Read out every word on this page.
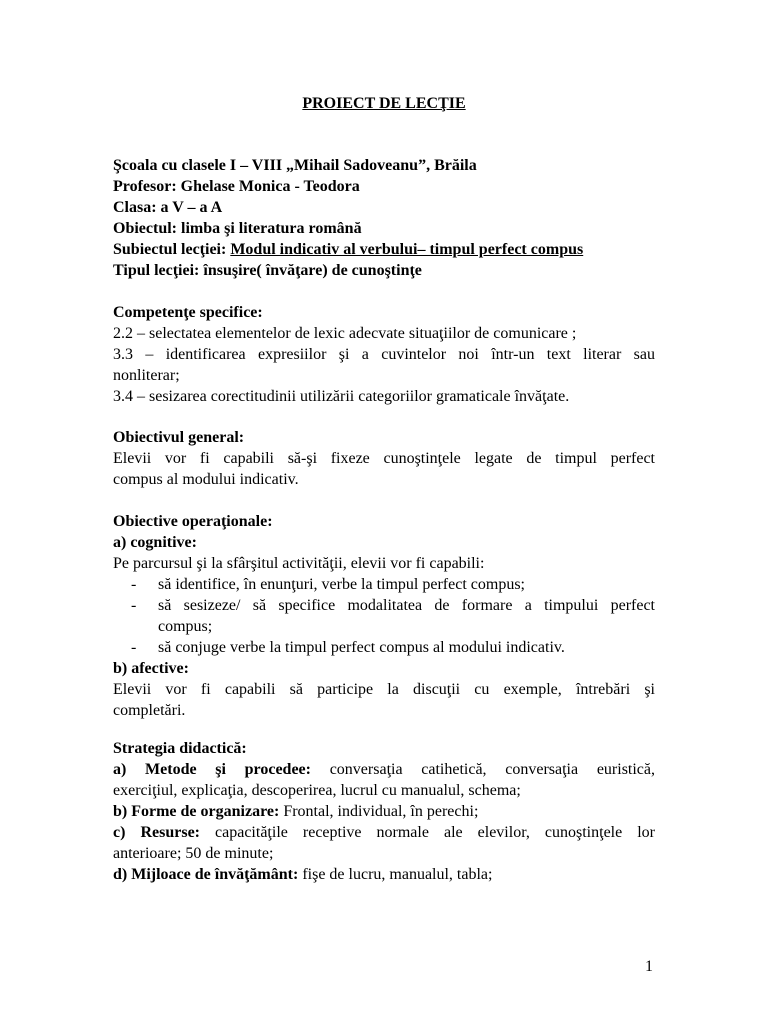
PROIECT DE LECŢIE
Şcoala cu clasele I – VIII „Mihail Sadoveanu”, Brăila
Profesor: Ghelase Monica - Teodora
Clasa: a V – a A
Obiectul: limba şi literatura română
Subiectul lecţiei: Modul indicativ al verbului– timpul perfect compus
Tipul lecţiei: însuşire( învăţare) de cunoştinţe
Competenţe specifice:
2.2 – selectatea elementelor de lexic adecvate situaţiilor de comunicare ;
3.3 – identificarea expresiilor şi a cuvintelor noi într-un text literar sau
nonliterar;
3.4 – sesizarea corectitudinii utilizării categoriilor gramaticale învăţate.
Obiectivul general:
Elevii vor fi capabili să-şi fixeze cunoştinţele legate de timpul perfect
compus al modului indicativ.
Obiective operaţionale:
a) cognitive:
Pe parcursul şi la sfârşitul activităţii, elevii vor fi capabili:
- să identifice, în enunţuri, verbe la timpul perfect compus;
- să sesizeze/ să specifice modalitatea de formare a timpului perfect
compus;
- să conjuge verbe la timpul perfect compus al modului indicativ.
b) afective:
Elevii vor fi capabili să participe la discuţii cu exemple, întrebări şi
completări.
Strategia didactică:
a) Metode şi procedee: conversaţia catihetică, conversaţia euristică,
exerciţiul, explicaţia, descoperirea, lucrul cu manualul, schema;
b) Forme de organizare: Frontal, individual, în perechi;
c) Resurse: capacităţile receptive normale ale elevilor, cunoştinţele lor
anterioare; 50 de minute;
d) Mijloace de învăţământ: fişe de lucru, manualul, tabla;
1
